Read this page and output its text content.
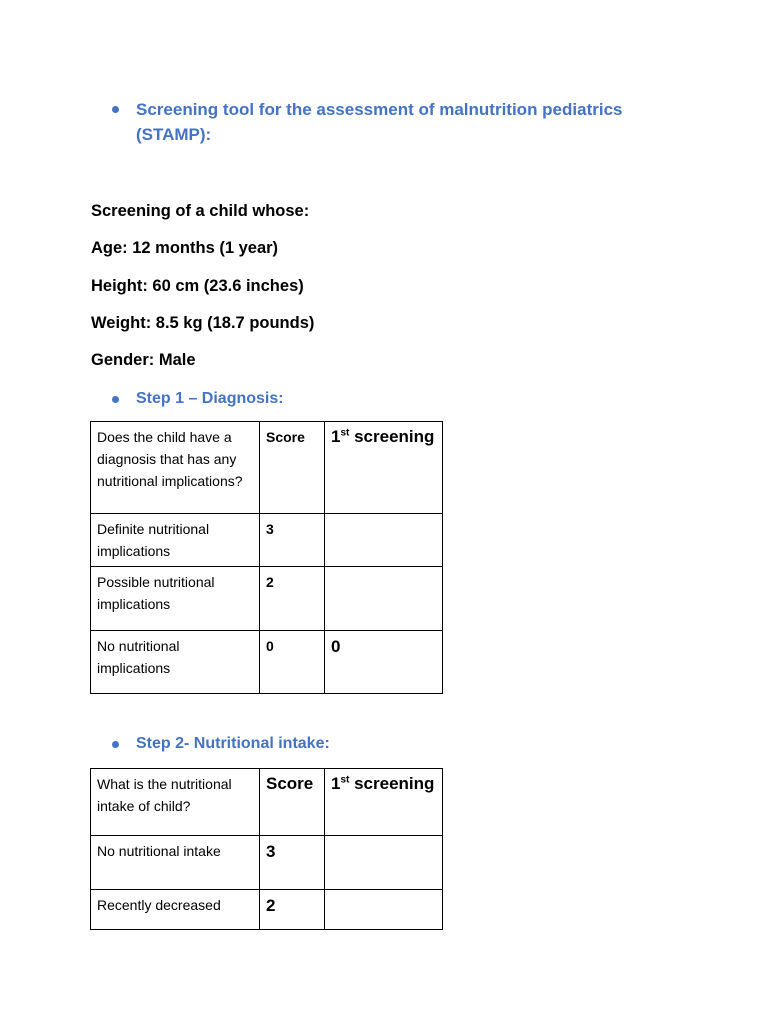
Screening tool for the assessment of malnutrition pediatrics
(STAMP):
Screening of a child whose:
Age: 12 months (1 year)
Height: 60 cm (23.6 inches)
Weight: 8.5 kg (18.7 pounds)
Gender: Male
Step 1 – Diagnosis:
Does the child have a diagnosis that has any nutritional implications?	Score	1st screening
Definite nutritional implications	3	
Possible nutritional implications	2	
No nutritional implications	0	0
Step 2- Nutritional intake:
What is the nutritional intake of child?	Score	1st screening
No nutritional intake	3	
Recently decreased	2	
